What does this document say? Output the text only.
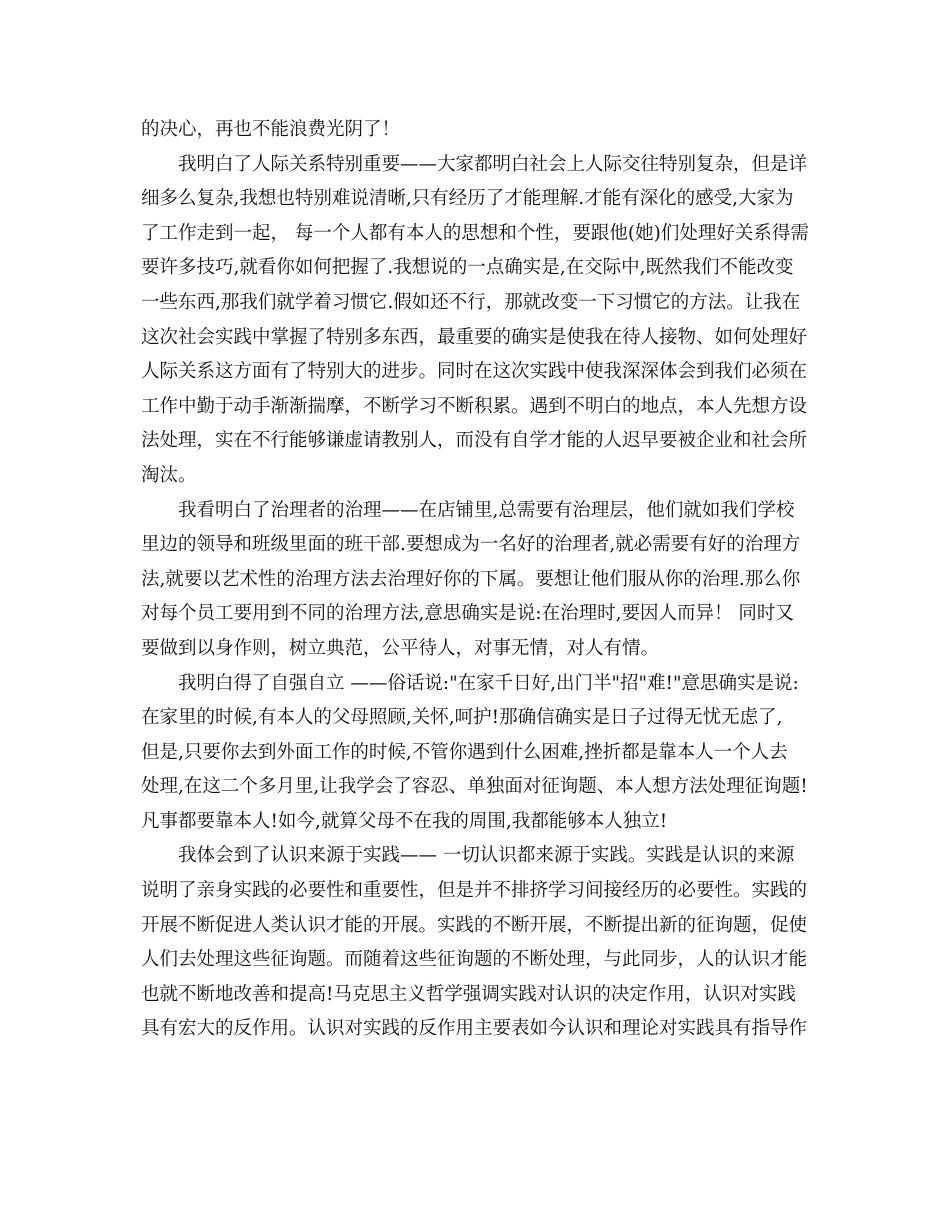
的决心，再也不能浪费光阴了！
我明白了人际关系特别重要——大家都明白社会上人际交往特别复杂，但是详
细多么复杂,我想也特别难说清晰,只有经历了才能理解.才能有深化的感受,大家为
了工作走到一起， 每一个人都有本人的思想和个性，要跟他(她)们处理好关系得需
要许多技巧,就看你如何把握了.我想说的一点确实是,在交际中,既然我们不能改变
一些东西,那我们就学着习惯它.假如还不行，那就改变一下习惯它的方法。让我在
这次社会实践中掌握了特别多东西，最重要的确实是使我在待人接物、如何处理好
人际关系这方面有了特别大的进步。同时在这次实践中使我深深体会到我们必须在
工作中勤于动手渐渐揣摩，不断学习不断积累。遇到不明白的地点，本人先想方设
法处理，实在不行能够谦虚请教别人，而没有自学才能的人迟早要被企业和社会所
淘汰。
我看明白了治理者的治理——在店铺里,总需要有治理层，他们就如我们学校
里边的领导和班级里面的班干部.要想成为一名好的治理者,就必需要有好的治理方
法,就要以艺术性的治理方法去治理好你的下属。要想让他们服从你的治理.那么你
对每个员工要用到不同的治理方法,意思确实是说:在治理时,要因人而异！ 同时又
要做到以身作则，树立典范，公平待人，对事无情，对人有情。
我明白得了自强自立 ——俗话说:"在家千日好,出门半"招"难!"意思确实是说:
在家里的时候,有本人的父母照顾,关怀,呵护!那确信确实是日子过得无忧无虑了,
但是,只要你去到外面工作的时候,不管你遇到什么困难,挫折都是靠本人一个人去
处理,在这二个多月里,让我学会了容忍、单独面对征询题、本人想方法处理征询题!
凡事都要靠本人!如今,就算父母不在我的周围,我都能够本人独立!
我体会到了认识来源于实践—— 一切认识都来源于实践。实践是认识的来源
说明了亲身实践的必要性和重要性，但是并不排挤学习间接经历的必要性。实践的
开展不断促进人类认识才能的开展。实践的不断开展，不断提出新的征询题，促使
人们去处理这些征询题。而随着这些征询题的不断处理，与此同步，人的认识才能
也就不断地改善和提高!马克思主义哲学强调实践对认识的决定作用，认识对实践
具有宏大的反作用。认识对实践的反作用主要表如今认识和理论对实践具有指导作
